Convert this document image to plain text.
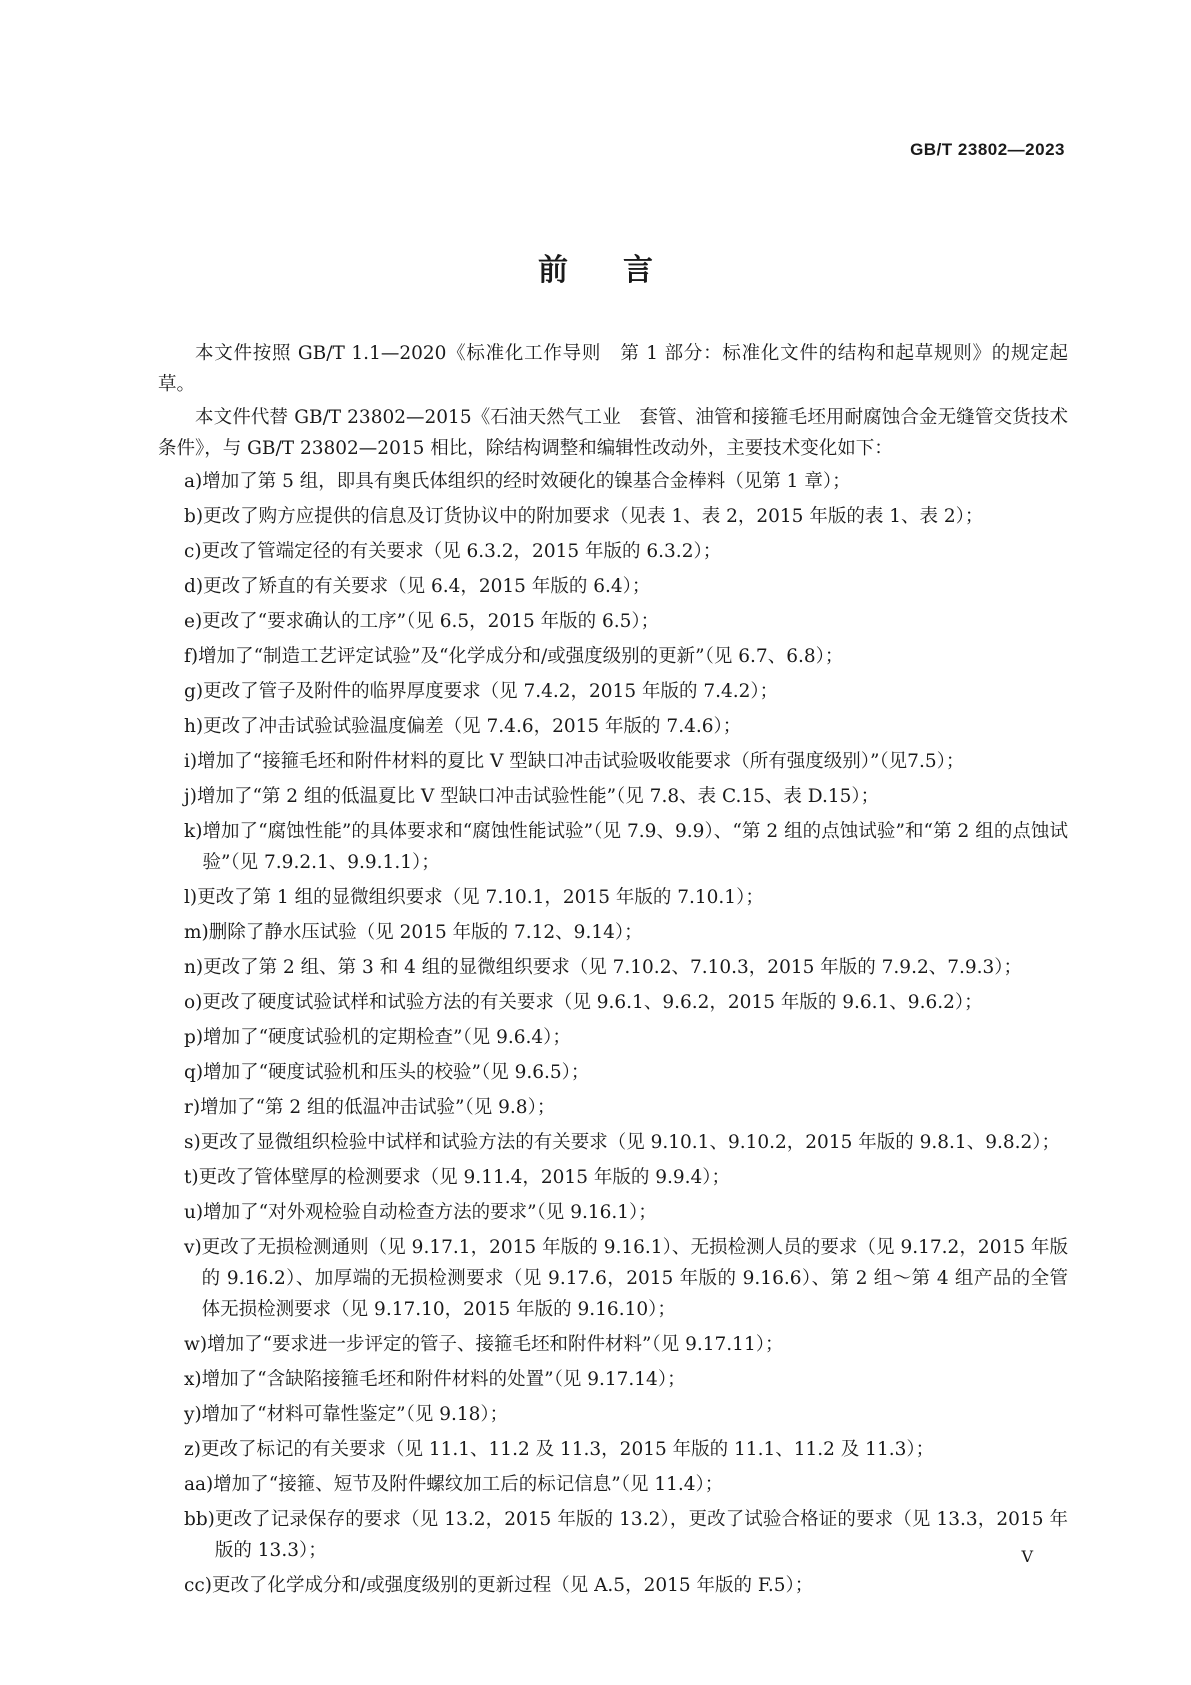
GB/T 23802—2023
前言

本文件按照 GB/T 1.1—2020《标准化工作导则　第 1 部分：标准化文件的结构和起草规则》的规定起草。

本文件代替 GB/T 23802—2015《石油天然气工业　套管、油管和接箍毛坯用耐腐蚀合金无缝管交货技术条件》，与 GB/T 23802—2015 相比，除结构调整和编辑性改动外，主要技术变化如下：

a) 增加了第 5 组，即具有奥氏体组织的经时效硬化的镍基合金棒料（见第 1 章）；
b) 更改了购方应提供的信息及订货协议中的附加要求（见表 1、表 2，2015 年版的表 1、表 2）；
c) 更改了管端定径的有关要求（见 6.3.2，2015 年版的 6.3.2）；
d) 更改了矫直的有关要求（见 6.4，2015 年版的 6.4）；
e) 更改了“要求确认的工序”（见 6.5，2015 年版的 6.5）；
f) 增加了“制造工艺评定试验”及“化学成分和/或强度级别的更新”（见 6.7、6.8）；
g) 更改了管子及附件的临界厚度要求（见 7.4.2，2015 年版的 7.4.2）；
h) 更改了冲击试验试验温度偏差（见 7.4.6，2015 年版的 7.4.6）；
i) 增加了“接箍毛坯和附件材料的夏比 V 型缺口冲击试验吸收能要求（所有强度级别）”（见7.5）；
j) 增加了“第 2 组的低温夏比 V 型缺口冲击试验性能”（见 7.8、表 C.15、表 D.15）；
k) 增加了“腐蚀性能”的具体要求和“腐蚀性能试验”（见 7.9、9.9）、“第 2 组的点蚀试验”和“第 2 组的点蚀试验”（见 7.9.2.1、9.9.1.1）；
l) 更改了第 1 组的显微组织要求（见 7.10.1，2015 年版的 7.10.1）；
m) 删除了静水压试验（见 2015 年版的 7.12、9.14）；
n) 更改了第 2 组、第 3 和 4 组的显微组织要求（见 7.10.2、7.10.3，2015 年版的 7.9.2、7.9.3）；
o) 更改了硬度试验试样和试验方法的有关要求（见 9.6.1、9.6.2，2015 年版的 9.6.1、9.6.2）；
p) 增加了“硬度试验机的定期检查”（见 9.6.4）；
q) 增加了“硬度试验机和压头的校验”（见 9.6.5）；
r) 增加了“第 2 组的低温冲击试验”（见 9.8）；
s) 更改了显微组织检验中试样和试验方法的有关要求（见 9.10.1、9.10.2，2015 年版的 9.8.1、9.8.2）；
t) 更改了管体壁厚的检测要求（见 9.11.4，2015 年版的 9.9.4）；
u) 增加了“对外观检验自动检查方法的要求”（见 9.16.1）；
v) 更改了无损检测通则（见 9.17.1，2015 年版的 9.16.1）、无损检测人员的要求（见 9.17.2，2015 年版的 9.16.2）、加厚端的无损检测要求（见 9.17.6，2015 年版的 9.16.6）、第 2 组～第 4 组产品的全管体无损检测要求（见 9.17.10，2015 年版的 9.16.10）；
w) 增加了“要求进一步评定的管子、接箍毛坯和附件材料”（见 9.17.11）；
x) 增加了“含缺陷接箍毛坯和附件材料的处置”（见 9.17.14）；
y) 增加了“材料可靠性鉴定”（见 9.18）；
z) 更改了标记的有关要求（见 11.1、11.2 及 11.3，2015 年版的 11.1、11.2 及 11.3）；
aa) 增加了“接箍、短节及附件螺纹加工后的标记信息”（见 11.4）；
bb) 更改了记录保存的要求（见 13.2，2015 年版的 13.2），更改了试验合格证的要求（见 13.3，2015 年版的 13.3）；
cc) 更改了化学成分和/或强度级别的更新过程（见 A.5，2015 年版的 F.5）；
V
